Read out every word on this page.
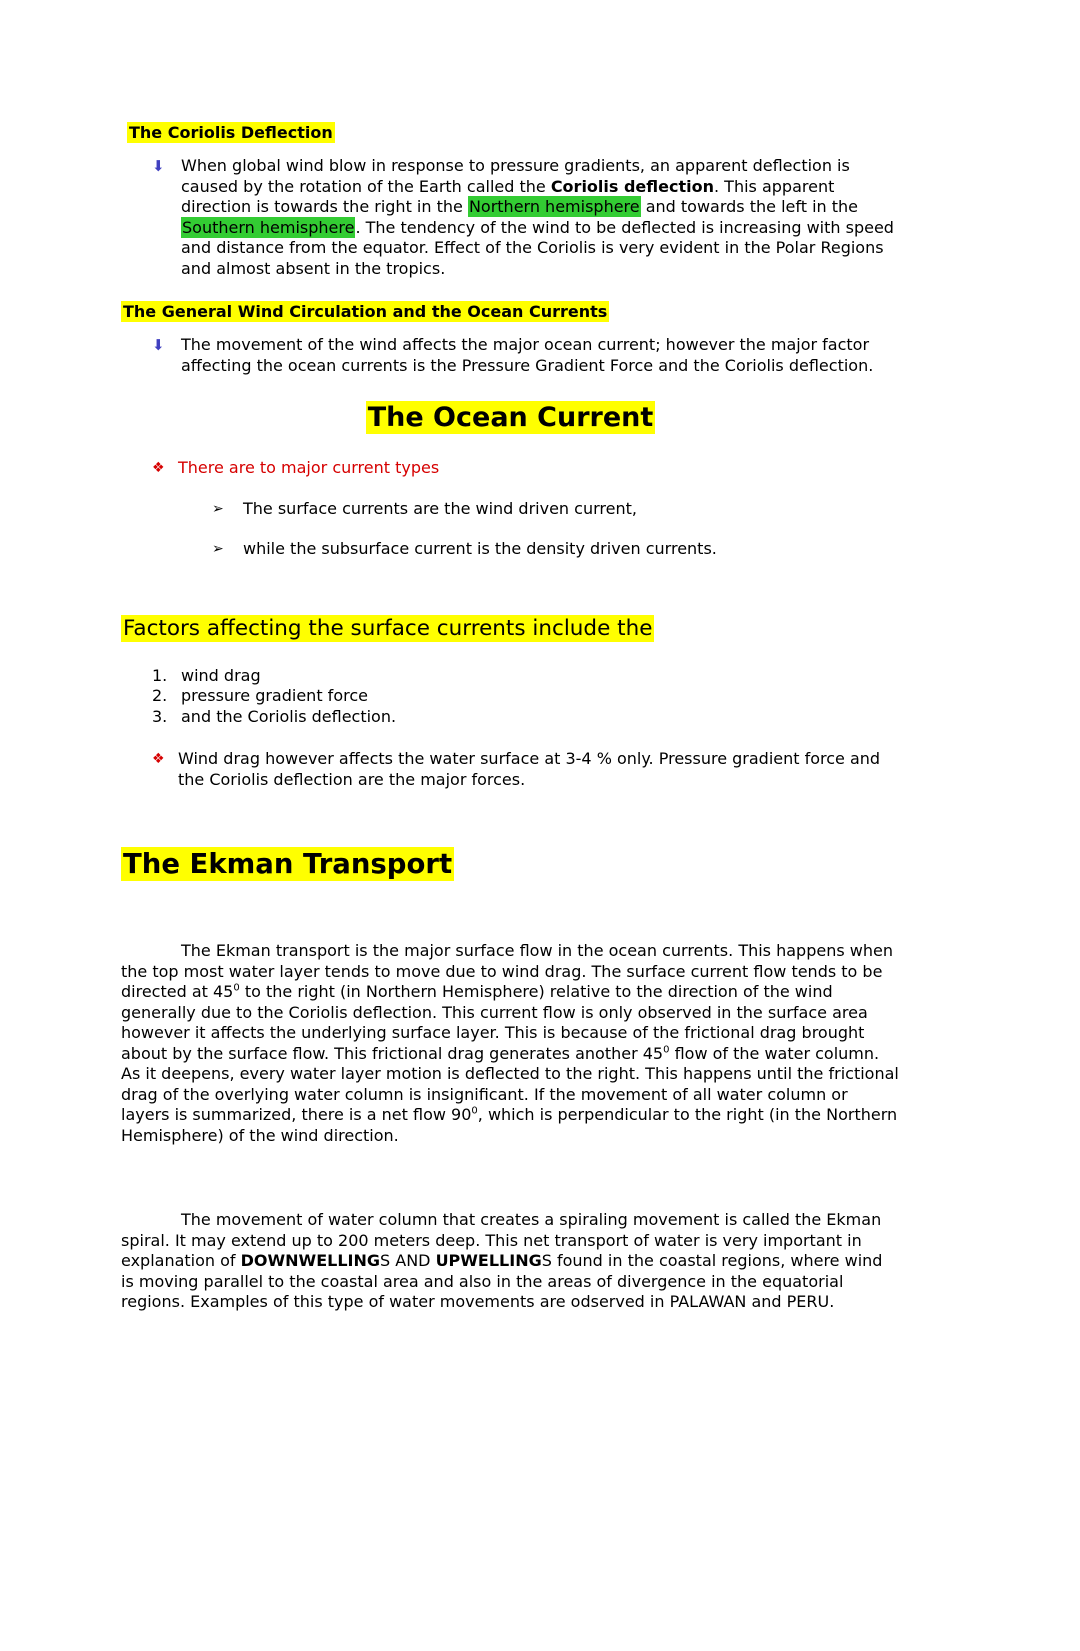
The Coriolis Deflection
⬇	When global wind blow in response to pressure gradients, an apparent deflection is caused by the rotation of the Earth called the Coriolis deflection. This apparent direction is towards the right in the Northern hemisphere and towards the left in the Southern hemisphere. The tendency of the wind to be deflected is increasing with speed and distance from the equator. Effect of the Coriolis is very evident in the Polar Regions and almost absent in the tropics.

The General Wind Circulation and the Ocean Currents
⬇	The movement of the wind affects the major ocean current; however the major factor affecting the ocean currents is the Pressure Gradient Force and the Coriolis deflection.

The Ocean Current
❖ There are to major current types

➢	The surface currents are the wind driven current,

➢	while the subsurface current is the density driven currents.

Factors affecting the surface currents include the
1. wind drag

2. pressure gradient force

3. and the Coriolis deflection.

❖ Wind drag however affects the water surface at 3-4 % only. Pressure gradient force and the Coriolis deflection are the major forces.

The Ekman Transport

The Ekman transport is the major surface flow in the ocean currents. This happens when the top most water layer tends to move due to wind drag. The surface current flow tends to be directed at $45^0$ to the right (in Northern Hemisphere) relative to the direction of the wind generally due to the Coriolis deflection. This current flow is only observed in the surface area however it affects the underlying surface layer. This is because of the frictional drag brought about by the surface flow. This frictional drag generates another $45^0$ flow of the water column. As it deepens, every water layer motion is deflected to the right. This happens until the frictional drag of the overlying water column is insignificant. If the movement of all water column or layers is summarized, there is a net flow $90^0$, which is perpendicular to the right (in the Northern Hemisphere) of the wind direction.

The movement of water column that creates a spiraling movement is called the Ekman spiral. It may extend up to 200 meters deep. This net transport of water is very important in explanation of DOWNWELLINGS AND UPWELLINGS found in the coastal regions, where wind is moving parallel to the coastal area and also in the areas of divergence in the equatorial regions. Examples of this type of water movements are odserved in PALAWAN and PERU.
